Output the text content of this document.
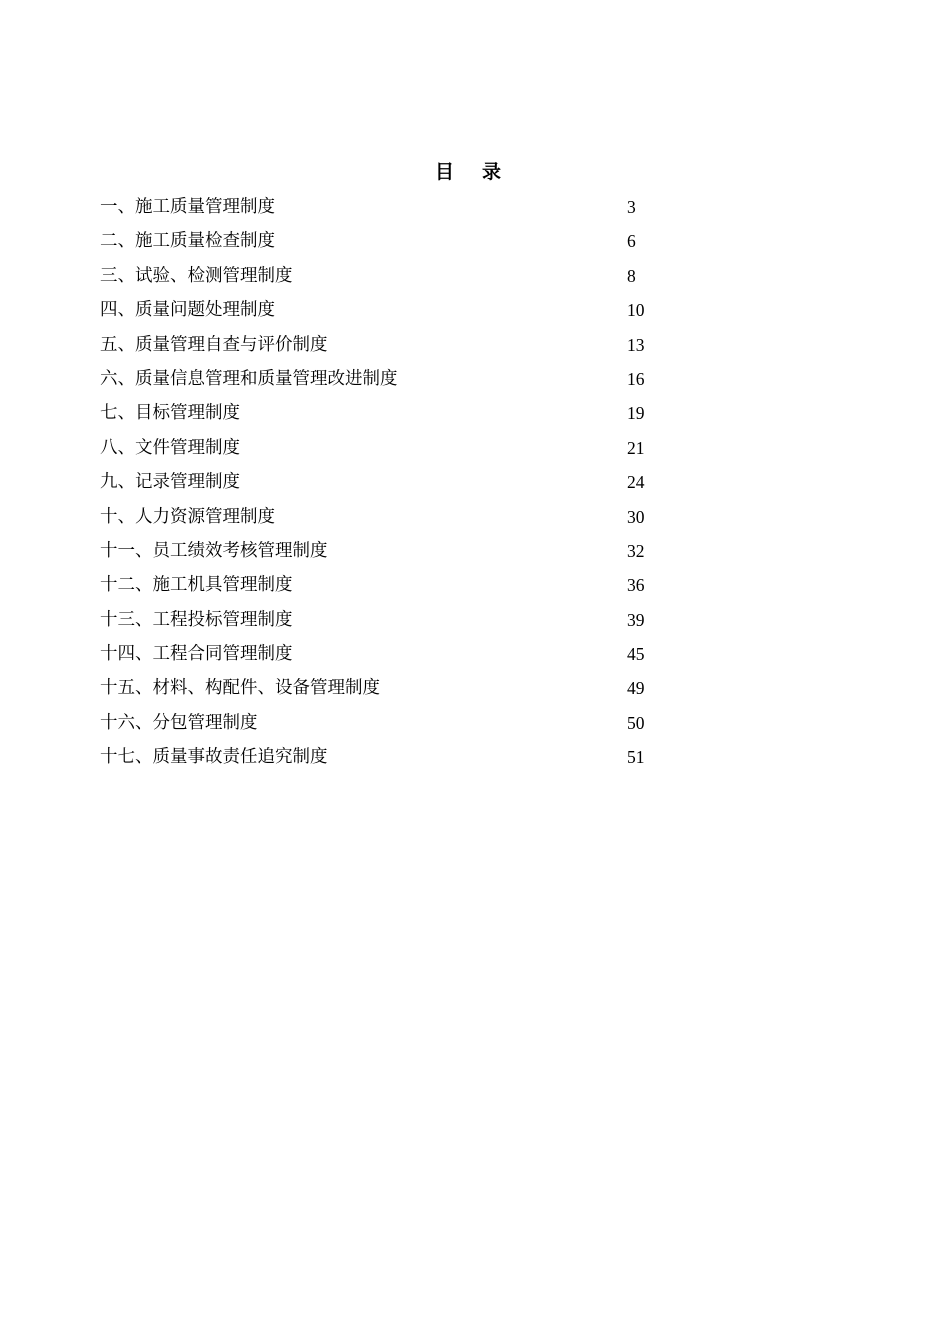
目录
一、施工质量管理制度	3
二、施工质量检查制度	6
三、试验、检测管理制度	8
四、质量问题处理制度	10
五、质量管理自查与评价制度	13
六、质量信息管理和质量管理改进制度	16
七、目标管理制度	19
八、文件管理制度	21
九、记录管理制度	24
十、人力资源管理制度	30
十一、员工绩效考核管理制度	32
十二、施工机具管理制度	36
十三、工程投标管理制度	39
十四、工程合同管理制度	45
十五、材料、构配件、设备管理制度	49
十六、分包管理制度	50
十七、质量事故责任追究制度	51
